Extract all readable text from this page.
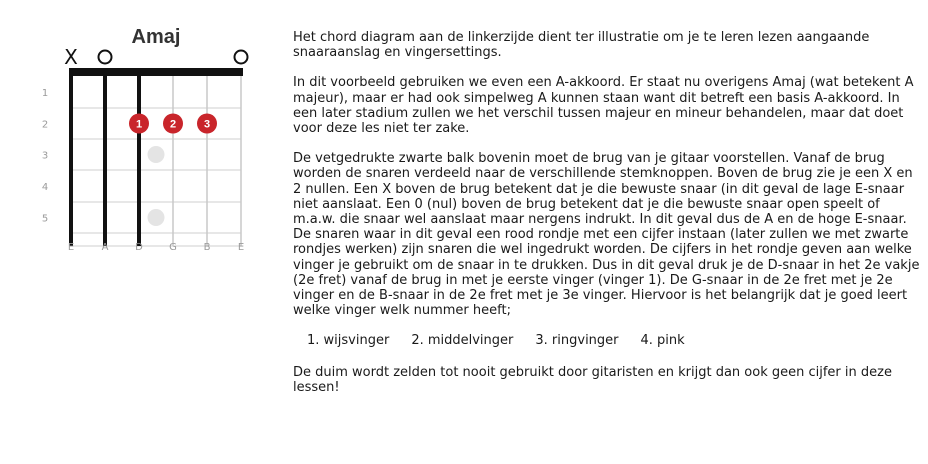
Amaj
X
1
2
3
4
5
1	2	3
E	A	D	G	B	E

Het chord diagram aan de linkerzijde dient ter illustratie om je te leren lezen aangaande snaaraanslag en vingersettings.

In dit voorbeeld gebruiken we even een A-akkoord. Er staat nu overigens Amaj (wat betekent A majeur), maar er had ook simpelweg A kunnen staan want dit betreft een basis A-akkoord. In een later stadium zullen we het verschil tussen majeur en mineur behandelen, maar dat doet voor deze les niet ter zake.

De vetgedrukte zwarte balk bovenin moet de brug van je gitaar voorstellen. Vanaf de brug worden de snaren verdeeld naar de verschillende stemknoppen. Boven de brug zie je een X en 2 nullen. Een X boven de brug betekent dat je die bewuste snaar (in dit geval de lage E-snaar niet aanslaat. Een 0 (nul) boven de brug betekent dat je die bewuste snaar open speelt of m.a.w. die snaar wel aanslaat maar nergens indrukt. In dit geval dus de A en de hoge E-snaar.

De snaren waar in dit geval een rood rondje met een cijfer instaan (later zullen we met zwarte rondjes werken) zijn snaren die wel ingedrukt worden. De cijfers in het rondje geven aan welke vinger je gebruikt om de snaar in te drukken. Dus in dit geval druk je de D-snaar in het 2e vakje (2e fret) vanaf de brug in met je eerste vinger (vinger 1). De G-snaar in de 2e fret met je 2e vinger en de B-snaar in de 2e fret met je 3e vinger. Hiervoor is het belangrijk dat je goed leert welke vinger welk nummer heeft;

1. wijsvinger 2. middelvinger 3. ringvinger 4. pink

De duim wordt zelden tot nooit gebruikt door gitaristen en krijgt dan ook geen cijfer in deze lessen!
